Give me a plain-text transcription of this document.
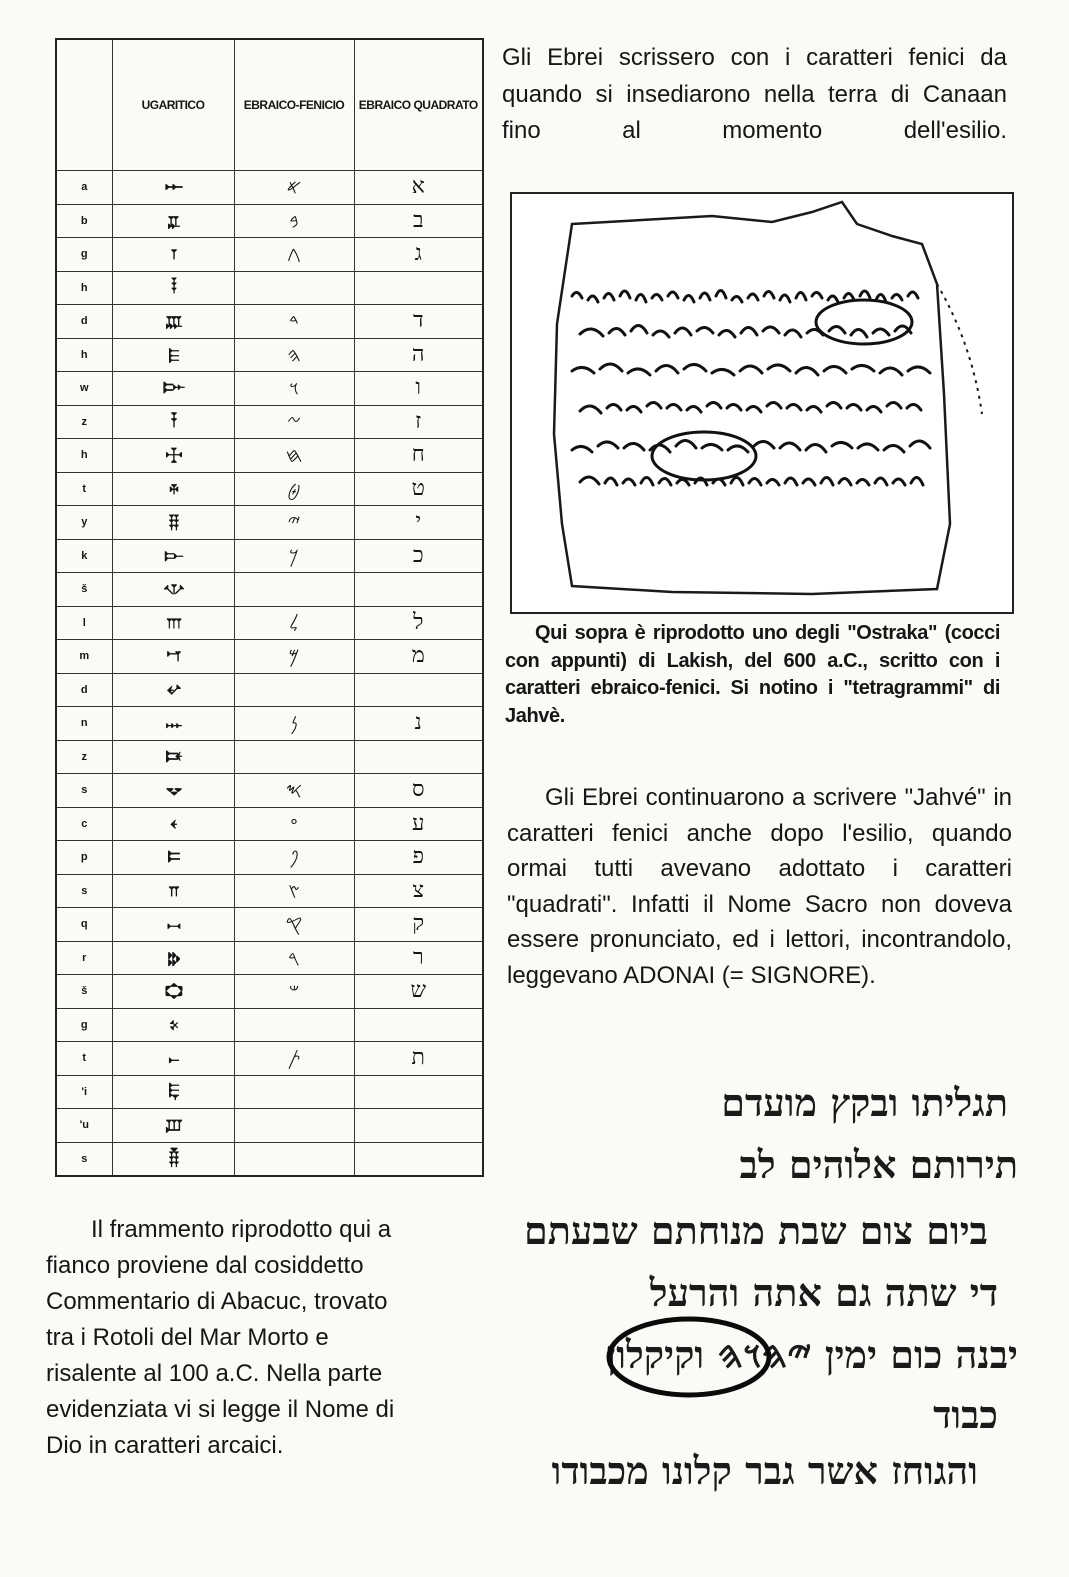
	UGARITICO	EBRAICO-FENICIO	EBRAICO QUADRATO
a	𐎀	𐤀	א
b	𐎁	𐤁	ב
g	𐎂	𐤂	ג
h	𐎃		
d	𐎄	𐤃	ד
h	𐎅	𐤄	ה
w	𐎆	𐤅	ו
z	𐎇	𐤆	ז
h	𐎈	𐤇	ח
t	𐎉	𐤈	ט
y	𐎊	𐤉	י
k	𐎋	𐤊	כ
š	𐎌		
l	𐎍	𐤋	ל
m	𐎎	𐤌	מ
d	𐎏		
n	𐎐	𐤍	נ
z	𐎑		
s	𐎒	𐤎	ס
c	𐎓	𐤏	ע
p	𐎔	𐤐	פ
s	𐎕	𐤑	צ
q	𐎖	𐤒	ק
r	𐎗	𐤓	ר
š	𐎘	𐤔	ש
g	𐎙		
t	𐎚	𐤕	ת
'i	𐎛		
'u	𐎜		
s	𐎝		
Gli Ebrei scrissero con i caratteri fenici da quando si insediarono nella terra di Canaan fino al momento dell'esilio.
Qui sopra è riprodotto uno degli "Ostraka" (cocci con appunti) di Lakish, del 600 a.C., scritto con i caratteri ebraico-fenici. Si notino i "tetragrammi" di Jahvè.
Gli Ebrei continuarono a scrivere "Jahvé" in caratteri fenici anche dopo l'esilio, quando ormai tutti avevano adottato i caratteri "quadrati". Infatti il Nome Sacro non doveva essere pronunciato, ed i lettori, incontrandolo, leggevano ADONAI (= SIGNORE).
Il frammento riprodotto qui a fianco proviene dal cosiddetto Commentario di Abacuc, trovato tra i Rotoli del Mar Morto e risalente al 100 a.C. Nella parte evidenziata vi si legge il Nome di Dio in caratteri arcaici.
תגליתו ובקץ מועדם
תירותם אלוהים לב
ביום צום שבת מנוחתם שבעתם
די שתה גם אתה והרעל
יבנה כום ימין 𐤉𐤄𐤅𐤄 וקיקלון
כבוד
והגוחז אשר גבר קלונו מכבודו
